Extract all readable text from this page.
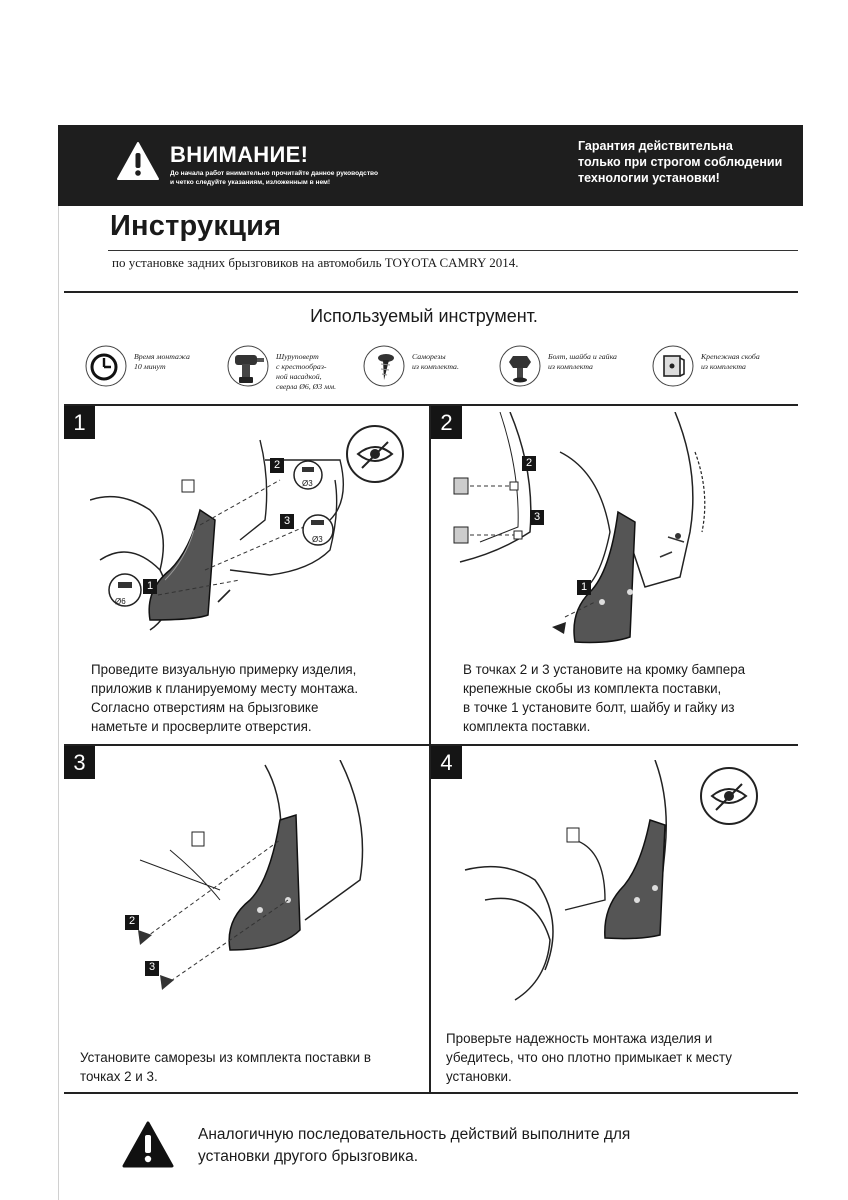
ВНИМАНИЕ!
До начала работ внимательно прочитайте данное руководство
и четко следуйте указаниям, изложенным в нем!
Гарантия действительна
только при строгом соблюдении
технологии установки!
Инструкция
по установке задних брызговиков на автомобиль TOYOTA CAMRY 2014.
Используемый инструмент.
Время монтажа
10 минут
Шуруповерт
с крестообраз-
ной насадкой,
сверла Ø6, Ø3 мм.
Саморезы
из комплекта.
Болт, шайба и гайка
из комплекта
Крепежная скоба
из комплекта
1
1
2
3
Ø6
Ø3
Ø3
Проведите визуальную примерку изделия,
приложив к планируемому месту монтажа.
Согласно отверстиям на брызговике
наметьте и просверлите отверстия.
2
2
3
1
В точках 2 и 3 установите на кромку бампера
крепежные скобы из комплекта поставки,
в точке 1 установите болт, шайбу и гайку из
комплекта поставки.
3
2
3
Установите саморезы из комплекта поставки в
точках 2 и 3.
4
Проверьте надежность монтажа изделия и
убедитесь, что оно плотно примыкает к месту
установки.
Аналогичную последовательность действий выполните для
установки другого брызговика.
